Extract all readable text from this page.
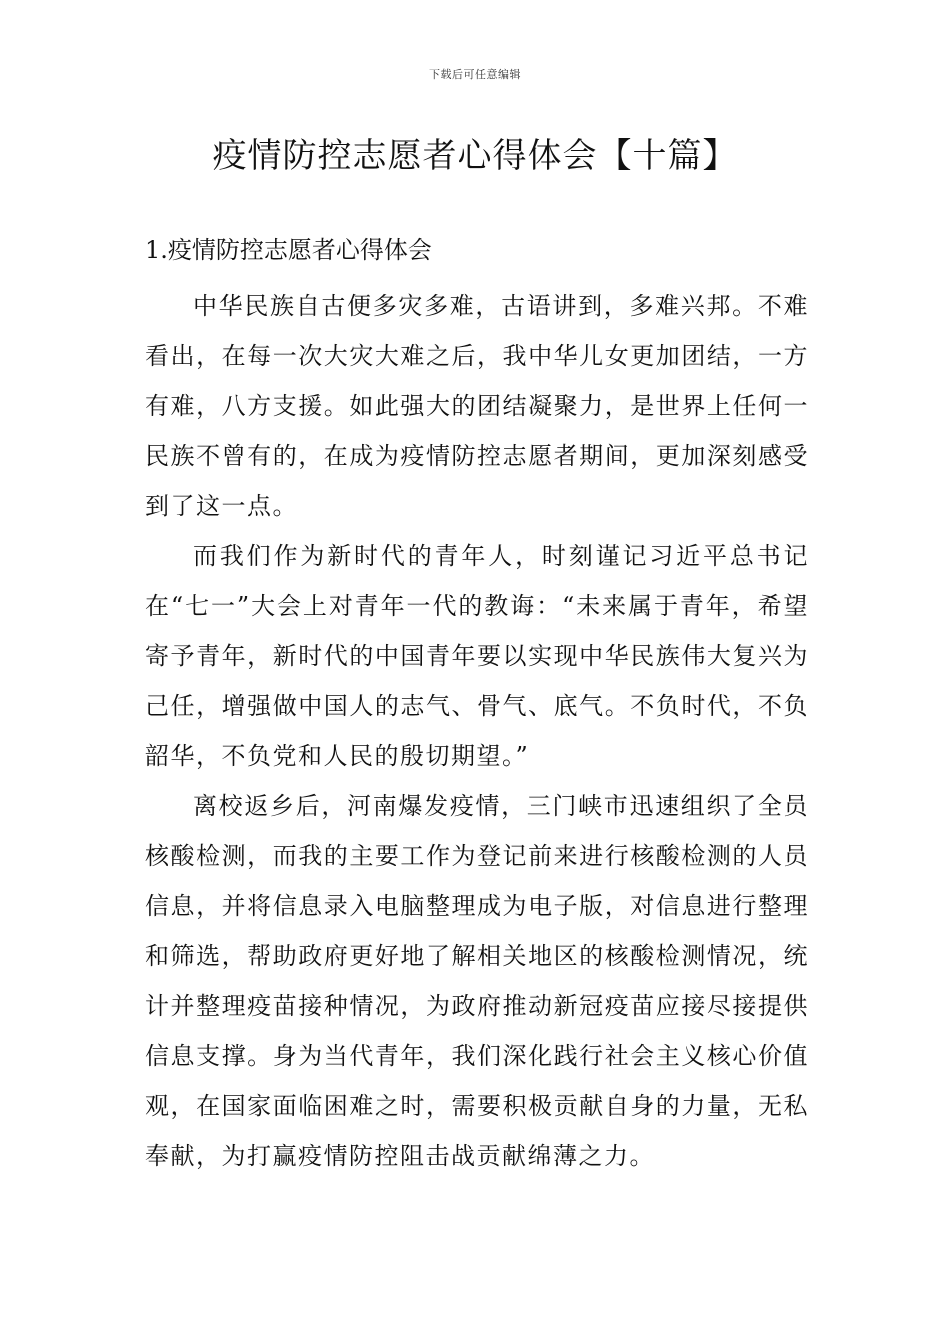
下载后可任意编辑
疫情防控志愿者心得体会【十篇】
1.疫情防控志愿者心得体会

中华民族自古便多灾多难，古语讲到，多难兴邦。不难看出，在每一次大灾大难之后，我中华儿女更加团结，一方有难，八方支援。如此强大的团结凝聚力，是世界上任何一民族不曾有的，在成为疫情防控志愿者期间，更加深刻感受到了这一点。

而我们作为新时代的青年人，时刻谨记习近平总书记在“七一”大会上对青年一代的教诲：“未来属于青年，希望寄予青年，新时代的中国青年要以实现中华民族伟大复兴为己任，增强做中国人的志气、骨气、底气。不负时代，不负韶华，不负党和人民的殷切期望。”

离校返乡后，河南爆发疫情，三门峡市迅速组织了全员核酸检测，而我的主要工作为登记前来进行核酸检测的人员信息，并将信息录入电脑整理成为电子版，对信息进行整理和筛选，帮助政府更好地了解相关地区的核酸检测情况，统计并整理疫苗接种情况，为政府推动新冠疫苗应接尽接提供信息支撑。身为当代青年，我们深化践行社会主义核心价值观，在国家面临困难之时，需要积极贡献自身的力量，无私奉献，为打赢疫情防控阻击战贡献绵薄之力。
